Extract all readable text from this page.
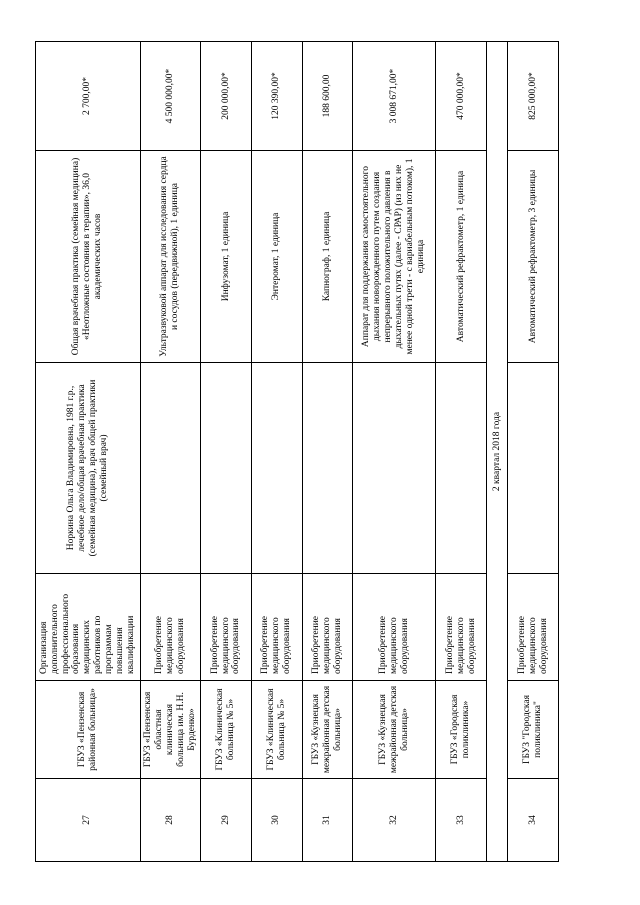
27	ГБУЗ «Пензенская районная больница»	Организация дополнительного профессионального образования медицинских работников по программам повышения квалификации	Норкина Ольга Владимировна, 1981 г.р., лечебное дело/общая врачебная практика (семейная медицина), врач общей практики (семейный врач)	Общая врачебная практика (семейная медицина) «Неотложные состояния в терапии», 36,0 академических часов	2 700,00*
28	ГБУЗ «Пензенская областная клиническая больница им. Н.Н. Бурденко»	Приобретение медицинского оборудования		Ультразвуковой аппарат для исследования сердца и сосудов (передвижной), 1 единица	4 500 000,00*
29	ГБУЗ «Клиническая больница № 5»	Приобретение медицинского оборудования		Инфузомат, 1 единица	200 000,00*
30	ГБУЗ «Клиническая больница № 5»	Приобретение медицинского оборудования		Энтеромат, 1 единица	120 390,00*
31	ГБУЗ «Кузнецкая межрайонная детская больница»	Приобретение медицинского оборудования		Капнограф, 1 единица	188 600,00
32	ГБУЗ «Кузнецкая межрайонная детская больница»	Приобретение медицинского оборудования		Аппарат для поддержания самостоятельного дыхания новорожденного путем создания непрерывного положительного давления в дыхательных путях (далее - СРАР) (из них не менее одной трети - с вариабельным потоком), 1 единица	3 008 671,00*
33	ГБУЗ «Городская поликлиника»	Приобретение медицинского оборудования		Автоматический рефрактометр, 1 единица	470 000,00*
2 квартал 2018 года					
34	ГБУЗ "Городская поликлиника"	Приобретение медицинского оборудования		Автоматический рефрактометр, 3 единицы	825 000,00*
